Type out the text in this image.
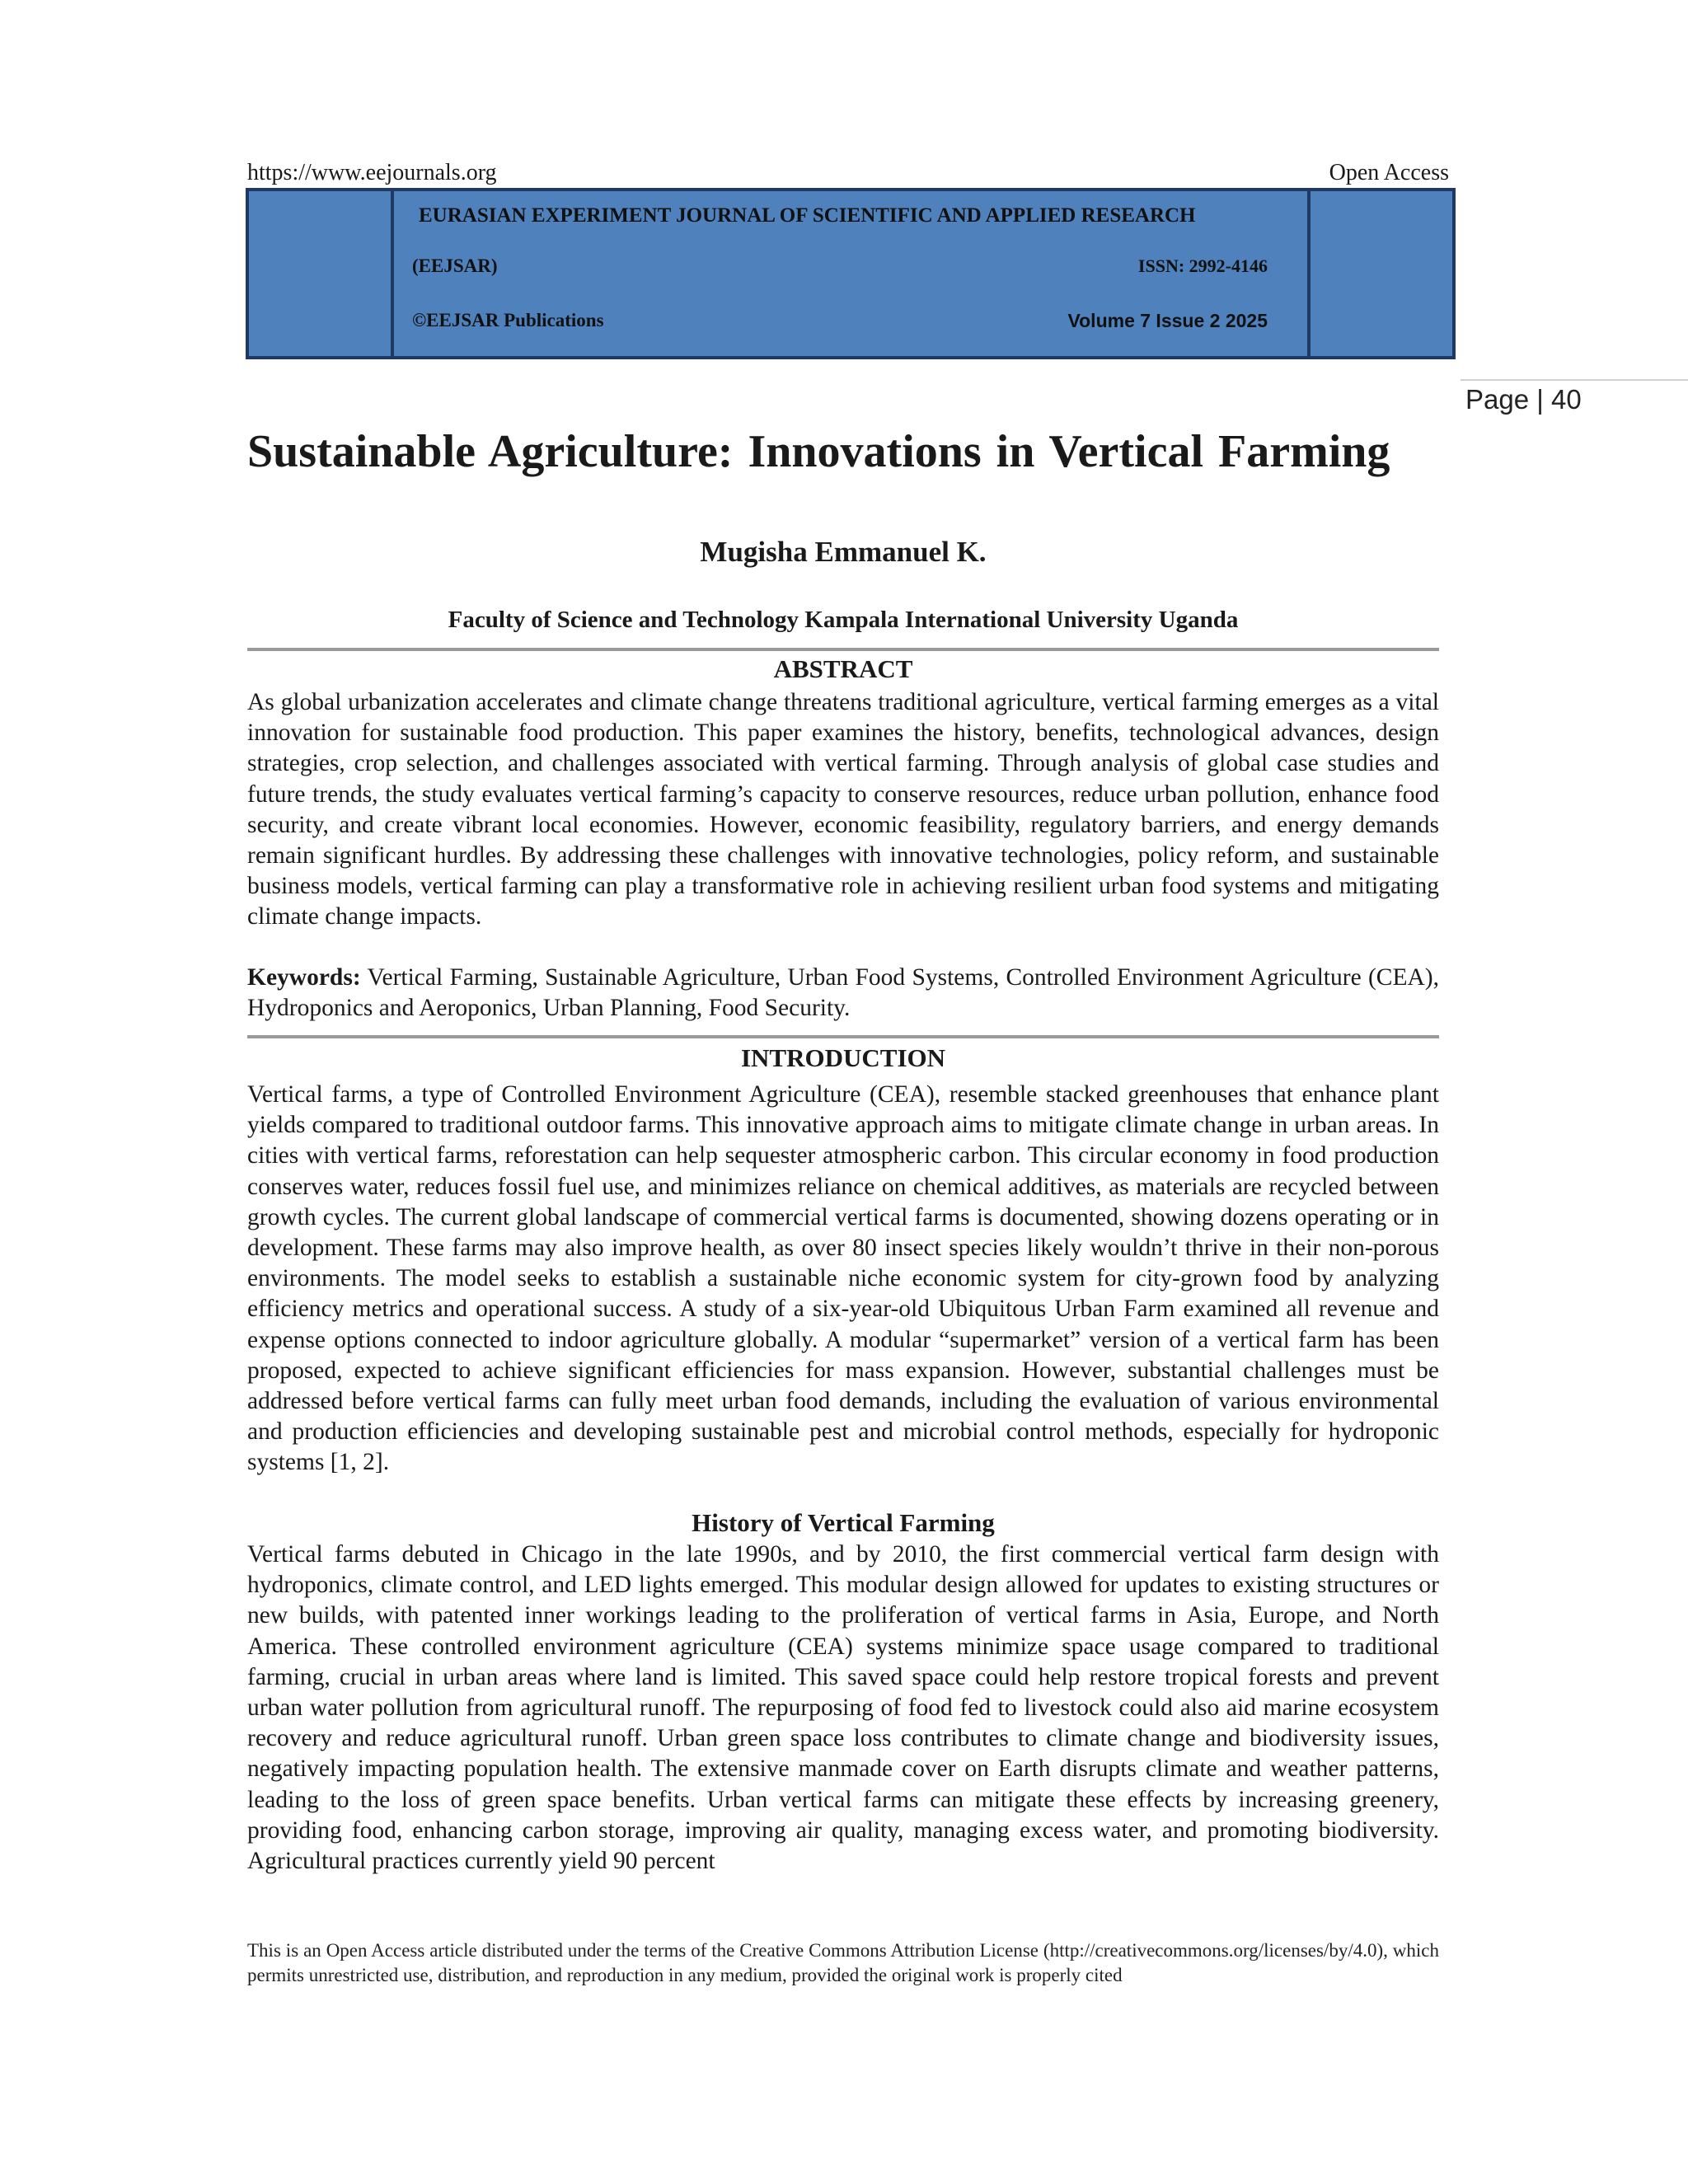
https://www.eejournals.org	Open Access
EURASIAN EXPERIMENT JOURNAL OF SCIENTIFIC AND APPLIED RESEARCH
(EEJSAR)	ISSN: 2992-4146
©EEJSAR Publications	Volume 7 Issue 2 2025
Page | 40
Sustainable Agriculture: Innovations in Vertical Farming
Mugisha Emmanuel K.
Faculty of Science and Technology Kampala International University Uganda
ABSTRACT

As global urbanization accelerates and climate change threatens traditional agriculture, vertical farming emerges as a vital innovation for sustainable food production. This paper examines the history, benefits, technological advances, design strategies, crop selection, and challenges associated with vertical farming. Through analysis of global case studies and future trends, the study evaluates vertical farming’s capacity to conserve resources, reduce urban pollution, enhance food security, and create vibrant local economies. However, economic feasibility, regulatory barriers, and energy demands remain significant hurdles. By addressing these challenges with innovative technologies, policy reform, and sustainable business models, vertical farming can play a transformative role in achieving resilient urban food systems and mitigating climate change impacts.

Keywords: Vertical Farming, Sustainable Agriculture, Urban Food Systems, Controlled Environment Agriculture (CEA), Hydroponics and Aeroponics, Urban Planning, Food Security.

INTRODUCTION

Vertical farms, a type of Controlled Environment Agriculture (CEA), resemble stacked greenhouses that enhance plant yields compared to traditional outdoor farms. This innovative approach aims to mitigate climate change in urban areas. In cities with vertical farms, reforestation can help sequester atmospheric carbon. This circular economy in food production conserves water, reduces fossil fuel use, and minimizes reliance on chemical additives, as materials are recycled between growth cycles. The current global landscape of commercial vertical farms is documented, showing dozens operating or in development. These farms may also improve health, as over 80 insect species likely wouldn’t thrive in their non-porous environments. The model seeks to establish a sustainable niche economic system for city-grown food by analyzing efficiency metrics and operational success. A study of a six-year-old Ubiquitous Urban Farm examined all revenue and expense options connected to indoor agriculture globally. A modular “supermarket” version of a vertical farm has been proposed, expected to achieve significant efficiencies for mass expansion. However, substantial challenges must be addressed before vertical farms can fully meet urban food demands, including the evaluation of various environmental and production efficiencies and developing sustainable pest and microbial control methods, especially for hydroponic systems [1, 2].

History of Vertical Farming

Vertical farms debuted in Chicago in the late 1990s, and by 2010, the first commercial vertical farm design with hydroponics, climate control, and LED lights emerged. This modular design allowed for updates to existing structures or new builds, with patented inner workings leading to the proliferation of vertical farms in Asia, Europe, and North America. These controlled environment agriculture (CEA) systems minimize space usage compared to traditional farming, crucial in urban areas where land is limited. This saved space could help restore tropical forests and prevent urban water pollution from agricultural runoff. The repurposing of food fed to livestock could also aid marine ecosystem recovery and reduce agricultural runoff. Urban green space loss contributes to climate change and biodiversity issues, negatively impacting population health. The extensive manmade cover on Earth disrupts climate and weather patterns, leading to the loss of green space benefits. Urban vertical farms can mitigate these effects by increasing greenery, providing food, enhancing carbon storage, improving air quality, managing excess water, and promoting biodiversity. Agricultural practices currently yield 90 percent

This is an Open Access article distributed under the terms of the Creative Commons Attribution License (http://creativecommons.org/licenses/by/4.0), which permits unrestricted use, distribution, and reproduction in any medium, provided the original work is properly cited
